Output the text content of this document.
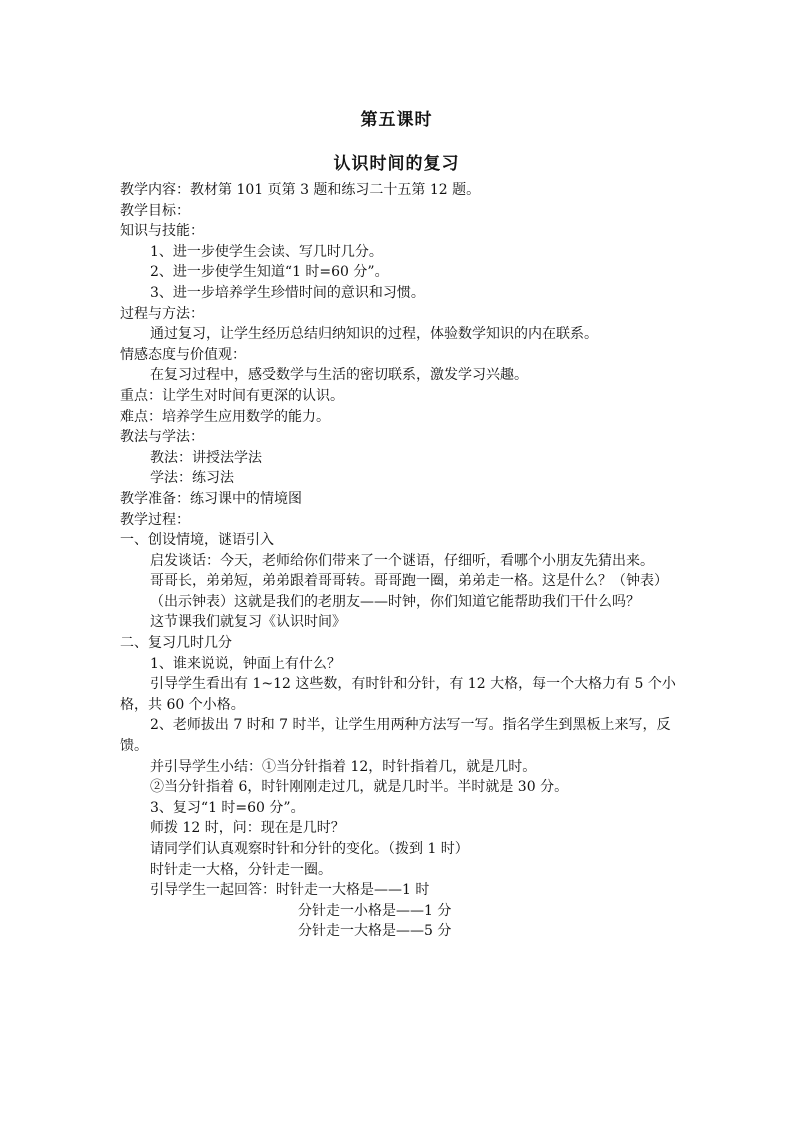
第五课时
认识时间的复习
教学内容：教材第 101 页第 3 题和练习二十五第 12 题。
教学目标：
知识与技能：
1、进一步使学生会读、写几时几分。
2、进一步使学生知道“1 时=60 分”。
3、进一步培养学生珍惜时间的意识和习惯。
过程与方法：
通过复习，让学生经历总结归纳知识的过程，体验数学知识的内在联系。
情感态度与价值观：
在复习过程中，感受数学与生活的密切联系，激发学习兴趣。
重点：让学生对时间有更深的认识。
难点：培养学生应用数学的能力。
教法与学法：
教法：讲授法学法
学法：练习法
教学准备：练习课中的情境图
教学过程：
一、创设情境，谜语引入
启发谈话：今天，老师给你们带来了一个谜语，仔细听，看哪个小朋友先猜出来。
哥哥长，弟弟短，弟弟跟着哥哥转。哥哥跑一圈，弟弟走一格。这是什么？（钟表）
（出示钟表）这就是我们的老朋友——时钟，你们知道它能帮助我们干什么吗？
这节课我们就复习《认识时间》
二、复习几时几分
1、谁来说说，钟面上有什么？
引导学生看出有 1~12 这些数，有时针和分针，有 12 大格，每一个大格力有 5 个小格，共 60 个小格。
2、老师拔出 7 时和 7 时半，让学生用两种方法写一写。指名学生到黑板上来写，反馈。
并引导学生小结：①当分针指着 12，时针指着几，就是几时。
②当分针指着 6，时针刚刚走过几，就是几时半。半时就是 30 分。
3、复习“1 时=60 分”。
师拨 12 时，问：现在是几时？
请同学们认真观察时针和分针的变化。（拨到 1 时）
时针走一大格，分针走一圈。
引导学生一起回答：时针走一大格是——1 时
分针走一小格是——1 分
分针走一大格是——5 分
